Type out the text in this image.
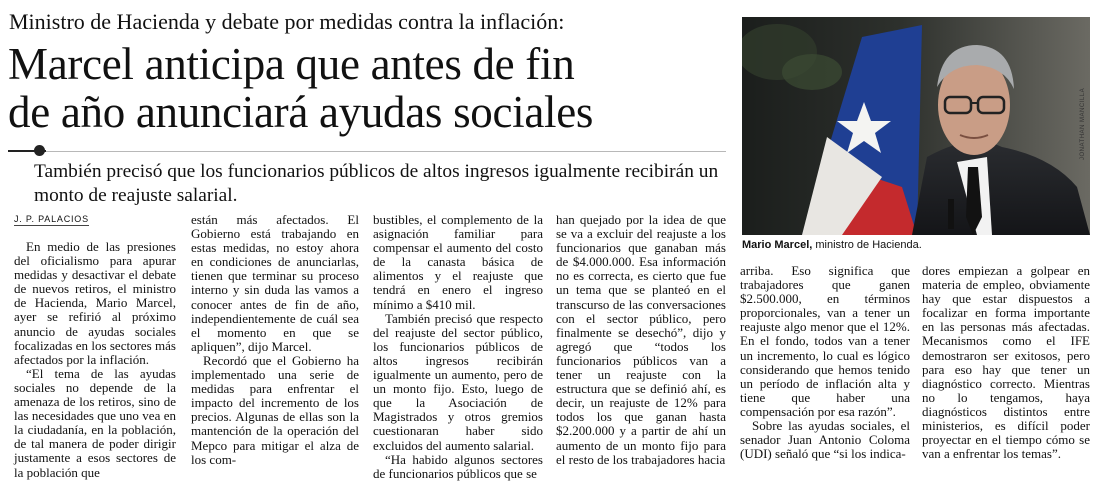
Ministro de Hacienda y debate por medidas contra la inflación:
Marcel anticipa que antes de fin
de año anunciará ayudas sociales
También precisó que los funcionarios públicos de altos ingresos igualmente recibirán un monto de reajuste salarial.
J. P. PALACIOS

En medio de las presiones del oficialismo para apurar medidas y desactivar el debate de nuevos retiros, el ministro de Hacienda, Mario Marcel, ayer se refirió al próximo anuncio de ayudas sociales focalizadas en los sectores más afectados por la inflación.

“El tema de las ayudas sociales no depende de la amenaza de los retiros, sino de las necesidades que uno vea en la ciudadanía, en la población, de tal manera de poder dirigir justamente a esos sectores de la población que

están más afectados. El Gobierno está trabajando en estas medidas, no estoy ahora en condiciones de anunciarlas, tienen que terminar su proceso interno y sin duda las vamos a conocer antes de fin de año, independientemente de cuál sea el momento en que se apliquen”, dijo Marcel.

Recordó que el Gobierno ha implementado una serie de medidas para enfrentar el impacto del incremento de los precios. Algunas de ellas son la mantención de la operación del Mepco para mitigar el alza de los com-

bustibles, el complemento de la asignación familiar para compensar el aumento del costo de la canasta básica de alimentos y el reajuste que tendrá en enero el ingreso mínimo a $410 mil.

También precisó que respecto del reajuste del sector público, los funcionarios públicos de altos ingresos recibirán igualmente un aumento, pero de un monto fijo. Esto, luego de que la Asociación de Magistrados y otros gremios cuestionaran haber sido excluidos del aumento salarial.

“Ha habido algunos sectores de funcionarios públicos que se

han quejado por la idea de que se va a excluir del reajuste a los funcionarios que ganaban más de $4.000.000. Esa información no es correcta, es cierto que fue un tema que se planteó en el transcurso de las conversaciones con el sector público, pero finalmente se desechó”, dijo y agregó que “todos los funcionarios públicos van a tener un reajuste con la estructura que se definió ahí, es decir, un reajuste de 12% para todos los que ganan hasta $2.200.000 y a partir de ahí un aumento de un monto fijo para el resto de los trabajadores hacia

JONATHAN MANCILLA
Mario Marcel, ministro de Hacienda.

arriba. Eso significa que trabajadores que ganen $2.500.000, en términos proporcionales, van a tener un reajuste algo menor que el 12%. En el fondo, todos van a tener un incremento, lo cual es lógico considerando que hemos tenido un período de inflación alta y tiene que haber una compensación por esa razón”.

Sobre las ayudas sociales, el senador Juan Antonio Coloma (UDI) señaló que “si los indica-

dores empiezan a golpear en materia de empleo, obviamente hay que estar dispuestos a focalizar en forma importante en las personas más afectadas. Mecanismos como el IFE demostraron ser exitosos, pero para eso hay que tener un diagnóstico correcto. Mientras no lo tengamos, haya diagnósticos distintos entre ministerios, es difícil poder proyectar en el tiempo cómo se van a enfrentar los temas”.
